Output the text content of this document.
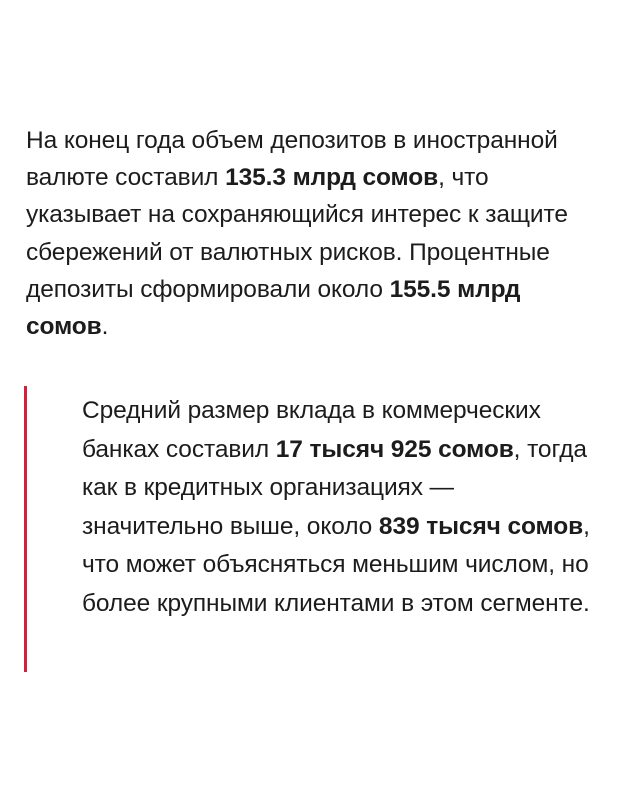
На конец года объем депозитов в иностранной валюте составил 135.3 млрд сомов, что указывает на сохраняющийся интерес к защите сбережений от валютных рисков. Процентные депозиты сформировали около 155.5 млрд сомов.

Средний размер вклада в коммерческих банках составил 17 тысяч 925 сомов, тогда как в кредитных организациях — значительно выше, около 839 тысяч сомов, что может объясняться меньшим числом, но более крупными клиентами в этом сегменте.
